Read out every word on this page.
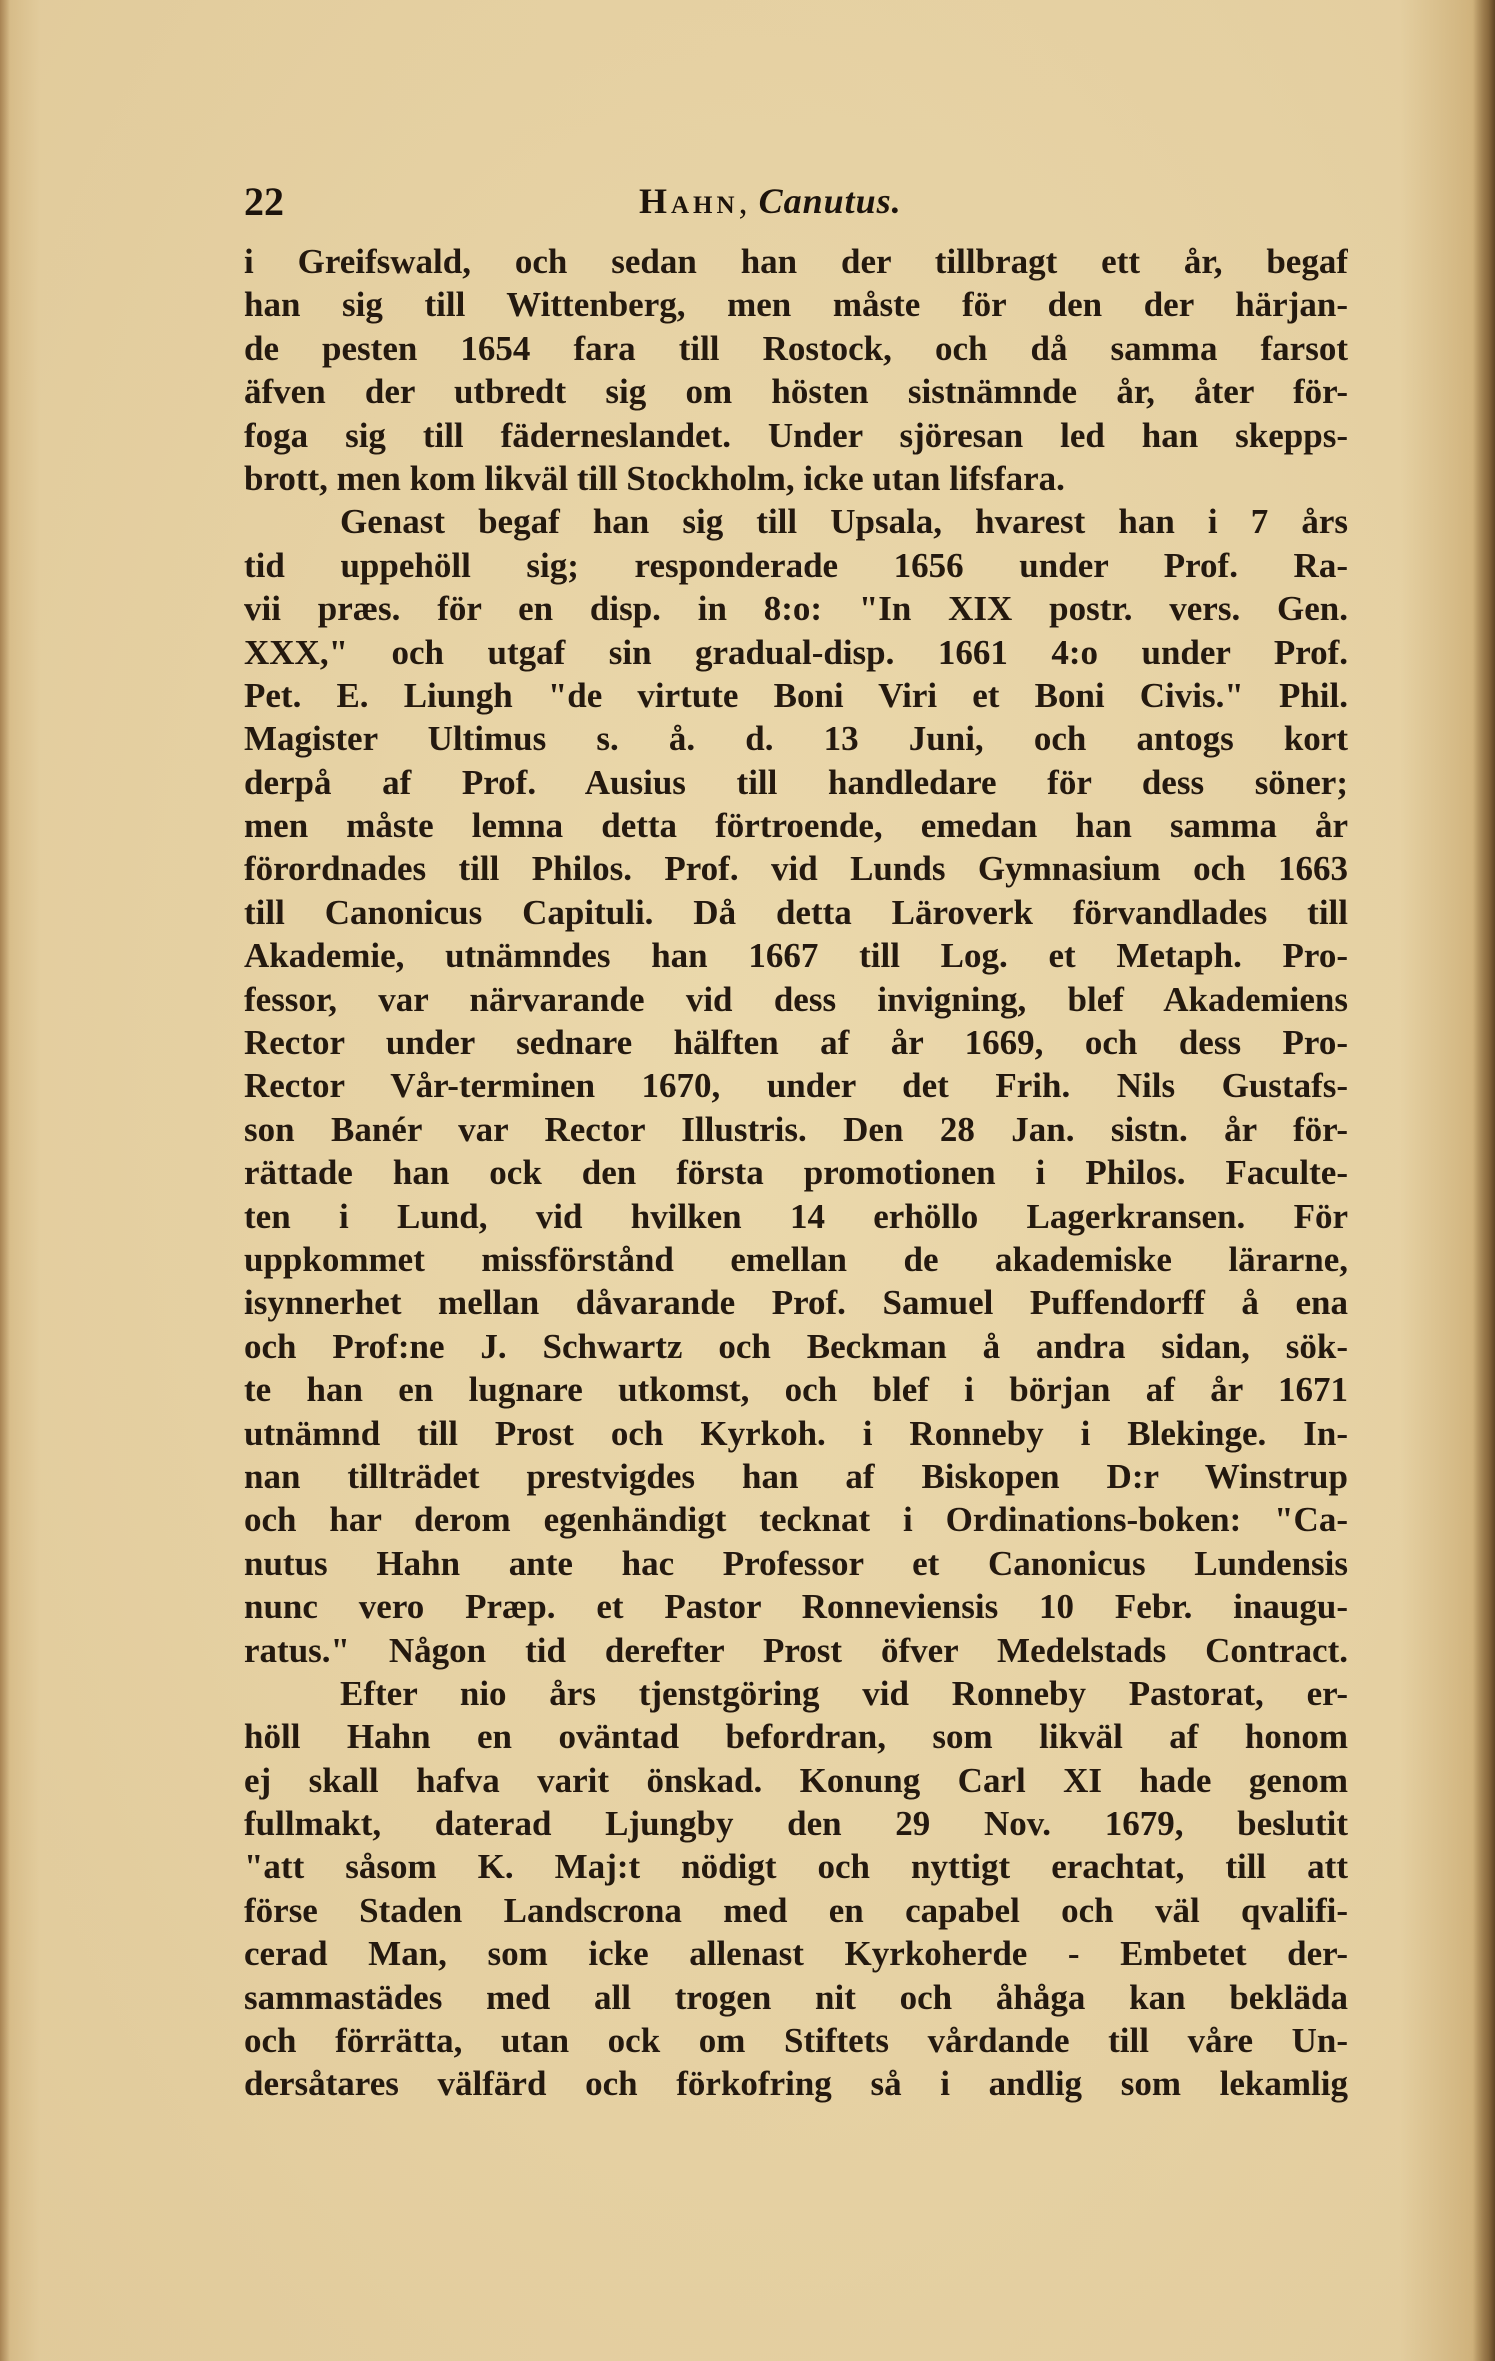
22	Hahn, Canutus.
i Greifswald, och sedan han der tillbragt ett år, begaf
han sig till Wittenberg, men måste för den der härjan-
de pesten 1654 fara till Rostock, och då samma farsot
äfven der utbredt sig om hösten sistnämnde år, åter för-
foga sig till fäderneslandet. Under sjöresan led han skepps-
brott, men kom likväl till Stockholm, icke utan lifsfara.
Genast begaf han sig till Upsala, hvarest han i 7 års
tid uppehöll sig; responderade 1656 under Prof. Ra-
vii præs. för en disp. in 8:o: "In XIX postr. vers. Gen.
XXX," och utgaf sin gradual-disp. 1661 4:o under Prof.
Pet. E. Liungh "de virtute Boni Viri et Boni Civis." Phil.
Magister Ultimus s. å. d. 13 Juni, och antogs kort
derpå af Prof. Ausius till handledare för dess söner;
men måste lemna detta förtroende, emedan han samma år
förordnades till Philos. Prof. vid Lunds Gymnasium och 1663
till Canonicus Capituli. Då detta Läroverk förvandlades till
Akademie, utnämndes han 1667 till Log. et Metaph. Pro-
fessor, var närvarande vid dess invigning, blef Akademiens
Rector under sednare hälften af år 1669, och dess Pro-
Rector Vår-terminen 1670, under det Frih. Nils Gustafs-
son Banér var Rector Illustris. Den 28 Jan. sistn. år för-
rättade han ock den första promotionen i Philos. Faculte-
ten i Lund, vid hvilken 14 erhöllo Lagerkransen. För
uppkommet missförstånd emellan de akademiske lärarne,
isynnerhet mellan dåvarande Prof. Samuel Puffendorff å ena
och Prof:ne J. Schwartz och Beckman å andra sidan, sök-
te han en lugnare utkomst, och blef i början af år 1671
utnämnd till Prost och Kyrkoh. i Ronneby i Blekinge. In-
nan tillträdet prestvigdes han af Biskopen D:r Winstrup
och har derom egenhändigt tecknat i Ordinations-boken: "Ca-
nutus Hahn ante hac Professor et Canonicus Lundensis
nunc vero Præp. et Pastor Ronneviensis 10 Febr. inaugu-
ratus." Någon tid derefter Prost öfver Medelstads Contract.
Efter nio års tjenstgöring vid Ronneby Pastorat, er-
höll Hahn en oväntad befordran, som likväl af honom
ej skall hafva varit önskad. Konung Carl XI hade genom
fullmakt, daterad Ljungby den 29 Nov. 1679, beslutit
"att såsom K. Maj:t nödigt och nyttigt erachtat, till att
förse Staden Landscrona med en capabel och väl qvalifi-
cerad Man, som icke allenast Kyrkoherde - Embetet der-
sammastädes med all trogen nit och åhåga kan bekläda
och förrätta, utan ock om Stiftets vårdande till våre Un-
dersåtares välfärd och förkofring så i andlig som lekamlig
